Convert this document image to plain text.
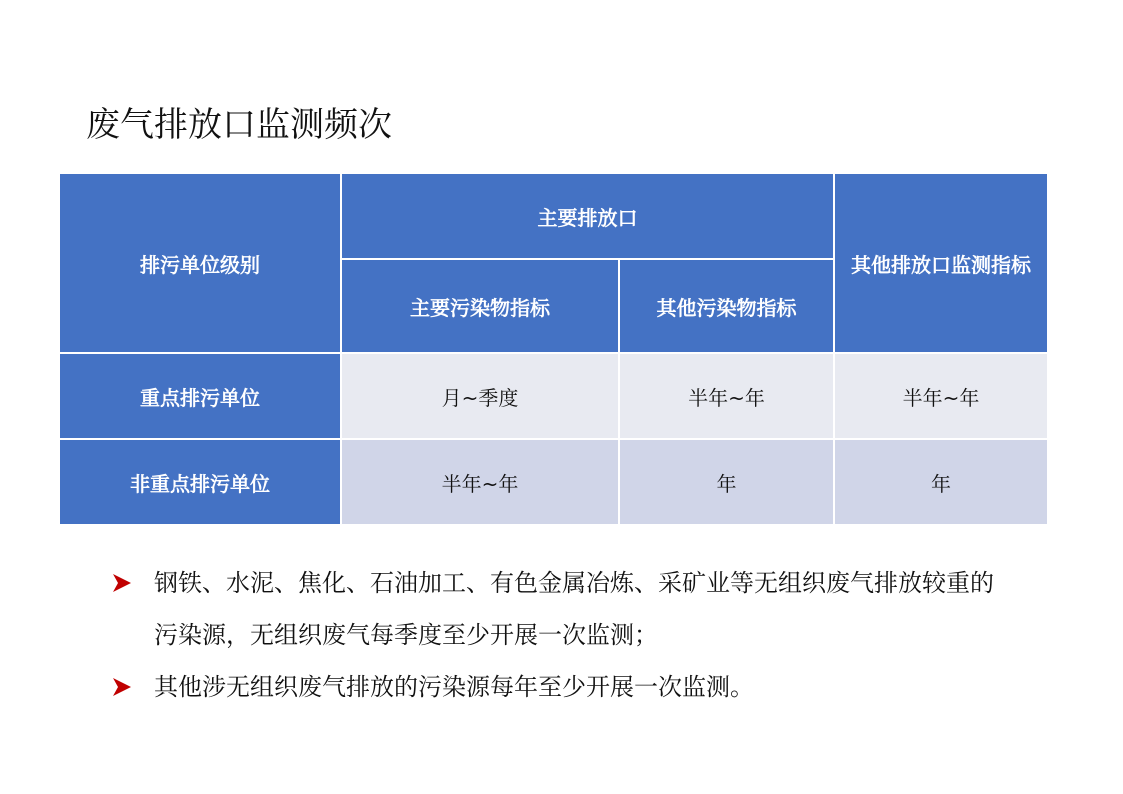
废气排放口监测频次
排污单位级别	主要排放口		其他排放口监测指标
	主要污染物指标	其他污染物指标	
重点排污单位	月~季度	半年~年	半年~年
非重点排污单位	半年~年	年	年
钢铁、水泥、焦化、石油加工、有色金属冶炼、采矿业等无组织废气排放较重的污染源，无组织废气每季度至少开展一次监测；
其他涉无组织废气排放的污染源每年至少开展一次监测。
